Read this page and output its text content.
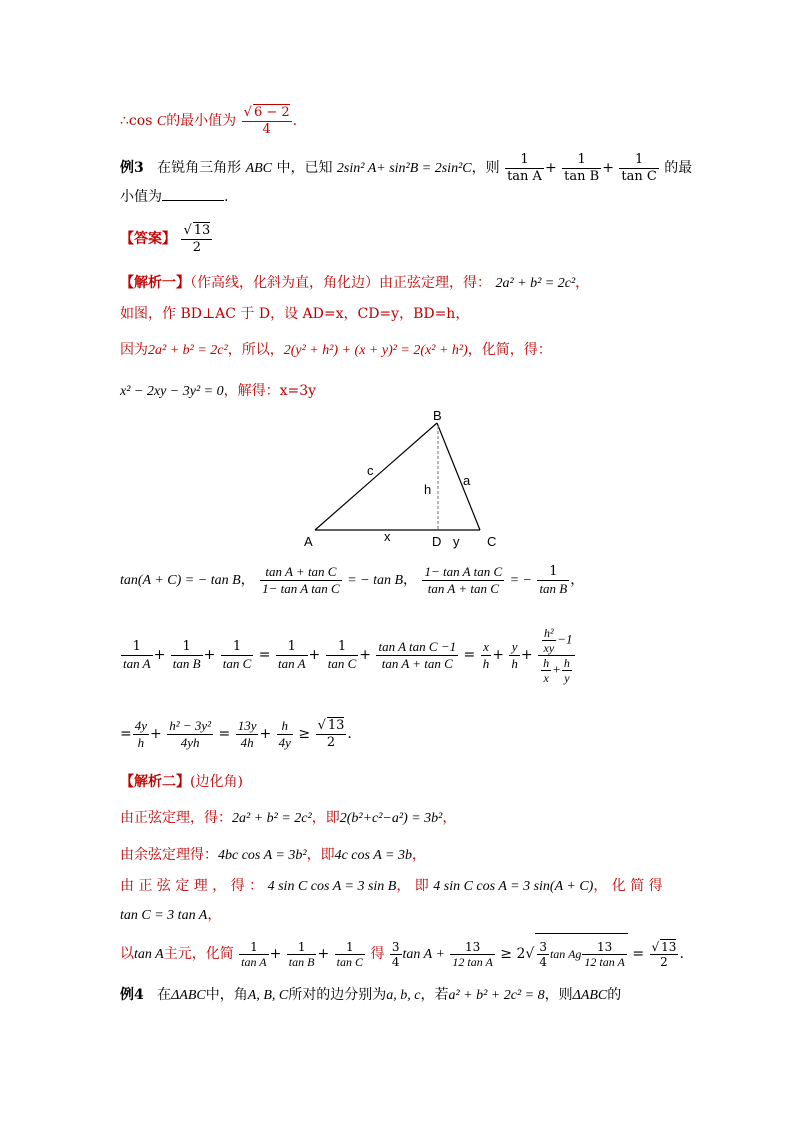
∴cos C的最小值为 $\frac{√ 6 - 2}{4}$ .
例3 在锐角三角形 ABC 中，已知 2sin² A+ sin²B = 2sin²C，则 $\frac{1}{\text{tan A}} + \frac{1}{\text{tan B}} + \frac{1}{\text{tan C}}$ 的最
小值为	.
【答案】 $\frac{√ 13}{2}$
【解析一】（作高线，化斜为直，角化边）由正弦定理，得： 2a² + b² = 2c²，
如图，作 BD⊥AC 于 D，设 AD=x，CD=y，BD=h，
因为2a² + b² = 2c²，所以，2(y² + h²) + (x + y)² = 2(x² + h²)，化简，得：
x² − 2xy − 3y² = 0，解得：x=3y
B
A	C
D
c
a
h
x	y
tan(A + C) = − tan B， $\frac{\text{tan A + tan C}}{\text{1− tan A tan C}}$ = − tan B， $\frac{\text{1− tan A tan C}}{\text{tan A + tan C}}$ = − $\frac{1}{\text{tan B}}$ ，
$\frac{1}{\text{tan A}} + \frac{1}{\text{tan B}} + \frac{1}{\text{tan C}} = \frac{1}{\text{tan A}} + \frac{1}{\text{tan C}} + \frac{\text{tan A tan C −1}}{\text{tan A + tan C}} = \frac{x}{h} + \frac{y}{h} + \frac{\frac{\text{h²}}{xy} -1}{\frac{h}{x} + \frac{h}{y}}$
= $\frac{4y}{h} + \frac{\text{h² − 3y²}}{4yh} = \frac{13y}{4h} + \frac{h}{4y} \ge \frac{√ 13}{2}$ .
【解析二】(边化角)
由正弦定理，得：2a² + b² = 2c²，即2(b²+c²−a²) = 3b²，
由余弦定理得：4bc cos A = 3b²，即4c cos A = 3b，
由 正 弦 定 理 ， 得 ： 4 sin C cos A = 3 sin B， 即 4 sin C cos A = 3 sin(A + C)， 化 简 得
tan C = 3 tan A，
以tan A主元，化简 $\frac{1}{\text{tan A}} + \frac{1}{\text{tan B}} + \frac{1}{\text{tan C}}$ 得 $\frac{3}{4}$ $\tan A + \frac{13}{\text{12 tan A}} \ge 2√ \frac{3}{4}$ tan Ag $\frac{13}{\text{12 tan A}} = \frac{√ 13}{2}$ .
例4 在ΔABC中，角A, B, C所对的边分别为a, b, c，若a² + b² + 2c² = 8，则ΔABC的
